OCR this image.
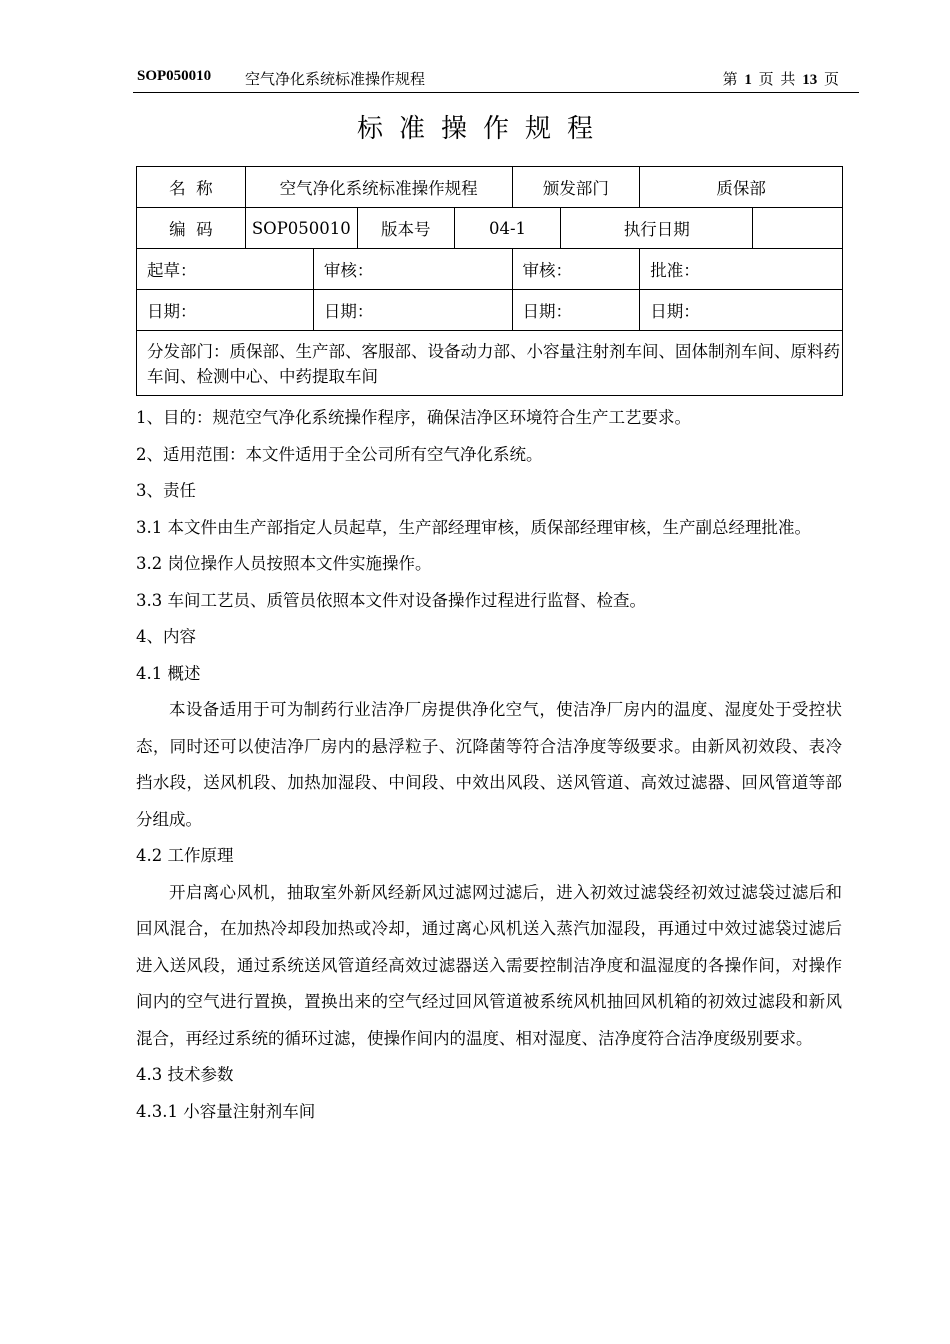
SOP050010 空气净化系统标准操作规程	第 1 页 共 13 页
标准操作规程
名  称	空气净化系统标准操作规程				颁发部门		质保部	
编  码	SOP050010		版本号	04-1		执行日期		
起草：		审核：			审核：		批准：	
日期：		日期：			日期：		日期：	
分发部门：质保部、生产部、客服部、设备动力部、小容量注射剂车间、固体制剂车间、原料药车间、检测中心、中药提取车间								

1、目的：规范空气净化系统操作程序，确保洁净区环境符合生产工艺要求。

2、适用范围：本文件适用于全公司所有空气净化系统。

3、责任

3.1 本文件由生产部指定人员起草，生产部经理审核，质保部经理审核，生产副总经理批准。

3.2 岗位操作人员按照本文件实施操作。

3.3 车间工艺员、质管员依照本文件对设备操作过程进行监督、检查。

4、内容

4.1 概述

本设备适用于可为制药行业洁净厂房提供净化空气，使洁净厂房内的温度、湿度处于受控状态，同时还可以使洁净厂房内的悬浮粒子、沉降菌等符合洁净度等级要求。由新风初效段、表冷挡水段，送风机段、加热加湿段、中间段、中效出风段、送风管道、高效过滤器、回风管道等部分组成。

4.2 工作原理

开启离心风机，抽取室外新风经新风过滤网过滤后，进入初效过滤袋经初效过滤袋过滤后和回风混合，在加热冷却段加热或冷却，通过离心风机送入蒸汽加湿段，再通过中效过滤袋过滤后进入送风段，通过系统送风管道经高效过滤器送入需要控制洁净度和温湿度的各操作间，对操作间内的空气进行置换，置换出来的空气经过回风管道被系统风机抽回风机箱的初效过滤段和新风混合，再经过系统的循环过滤，使操作间内的温度、相对湿度、洁净度符合洁净度级别要求。

4.3 技术参数

4.3.1 小容量注射剂车间
